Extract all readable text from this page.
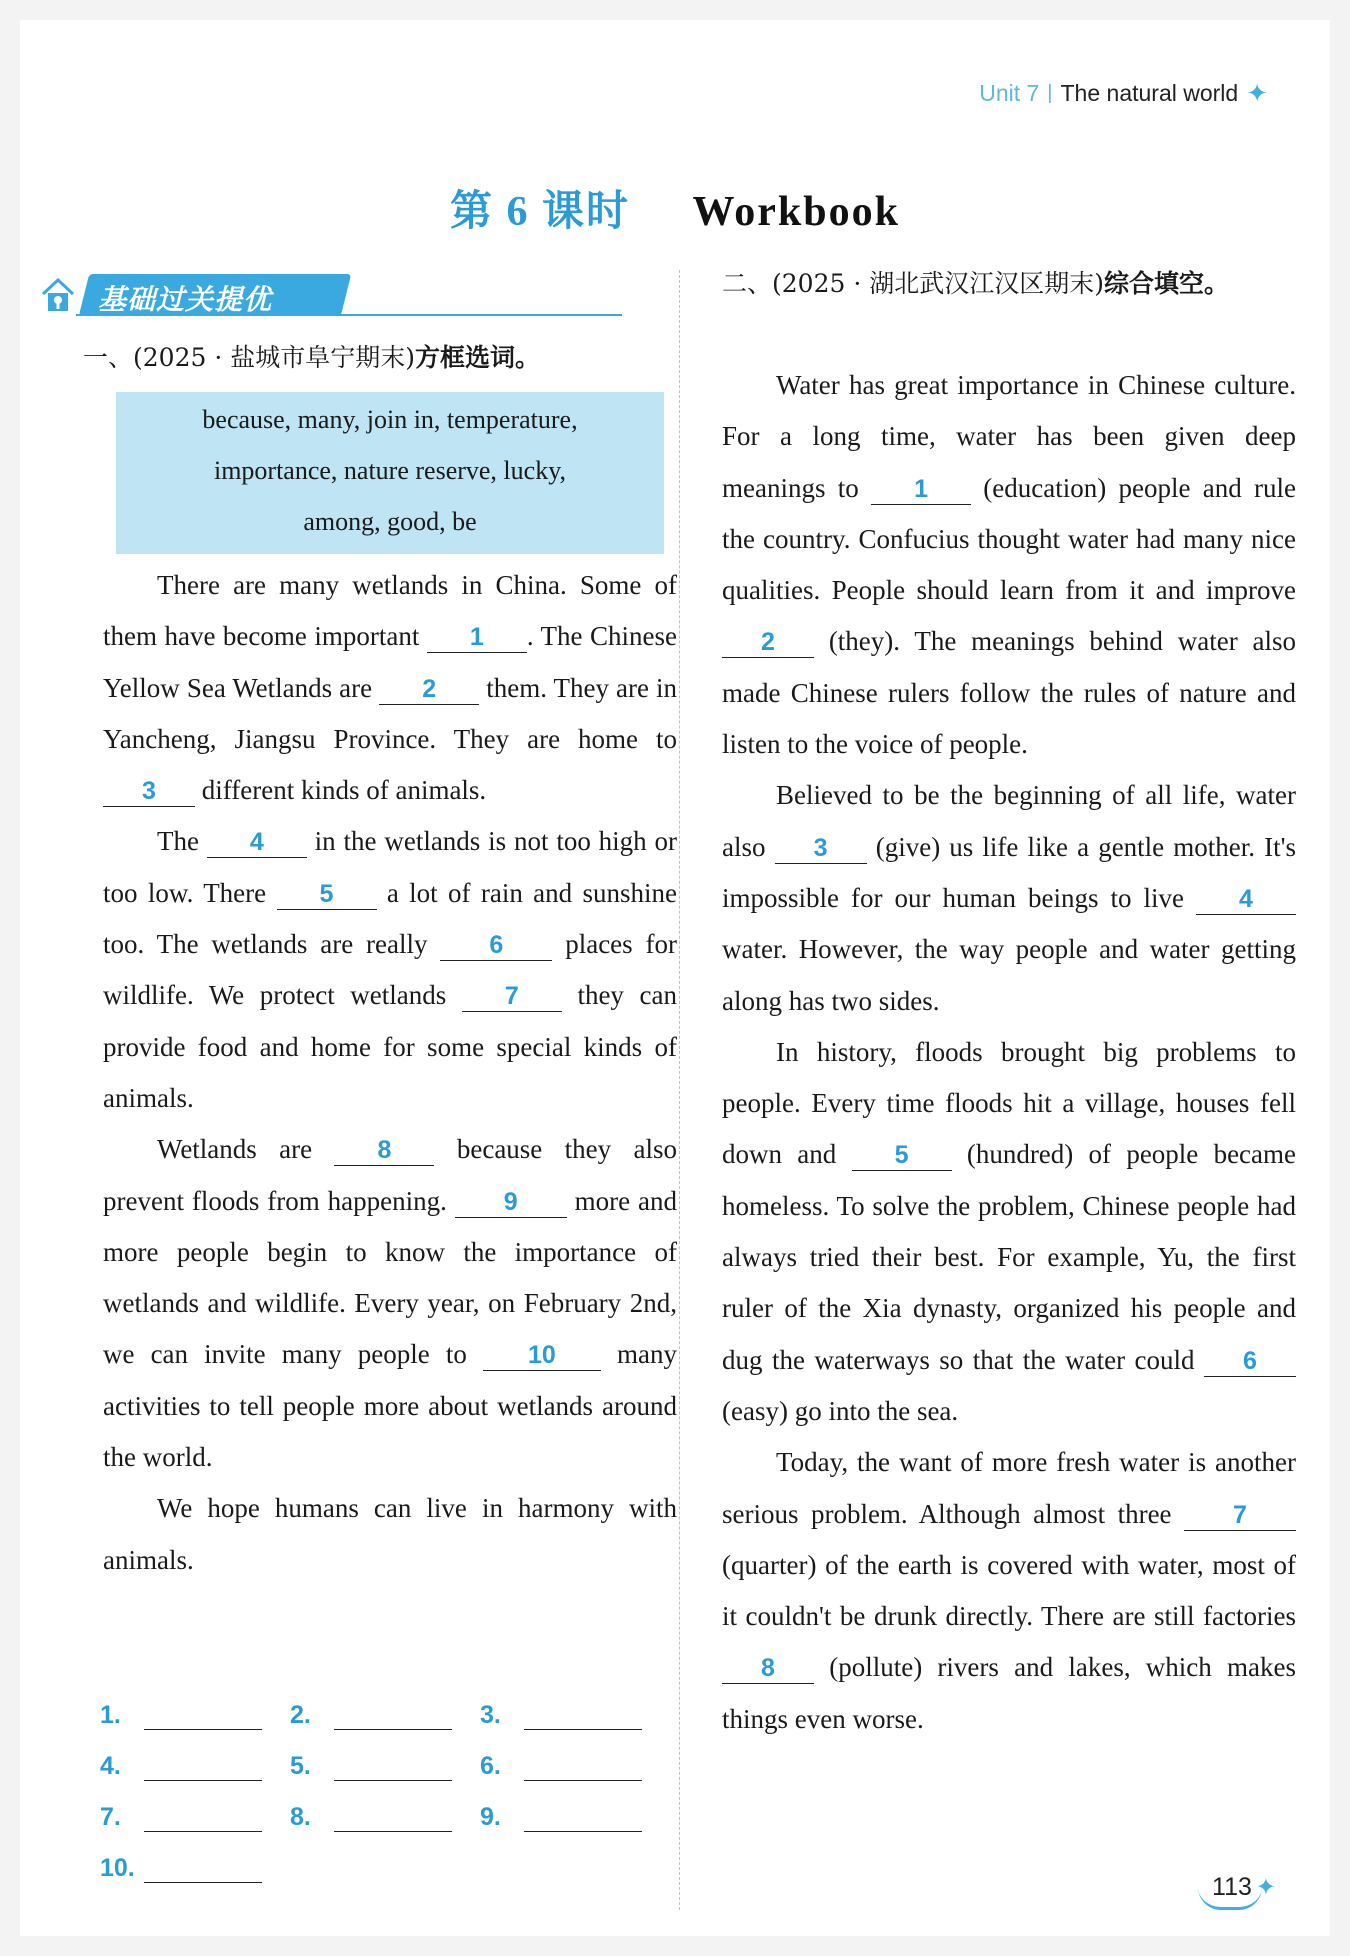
Unit 7 | The natural world ✦
第 6 课时 Workbook
基础过关提优
一、(2025 · 盐城市阜宁期末)方框选词。
because, many, join in, temperature,
importance, nature reserve, lucky,
among, good, be

There are many wetlands in China. Some of them have become important 1 . The Chinese Yellow Sea Wetlands are 2 them. They are in Yancheng, Jiangsu Province. They are home to 3 different kinds of animals.

The 4 in the wetlands is not too high or too low. There 5 a lot of rain and sunshine too. The wetlands are really 6 places for wildlife. We protect wetlands 7 they can provide food and home for some special kinds of animals.

Wetlands are 8 because they also prevent floods from happening. 9 more and more people begin to know the importance of wetlands and wildlife. Every year, on February 2nd, we can invite many people to 10 many activities to tell people more about wetlands around the world.

We hope humans can live in harmony with animals.

1.	2.	3.
4.	5.	6.
7.	8.	9.
10.
二、(2025 · 湖北武汉江汉区期末)综合填空。

Water has great importance in Chinese culture. For a long time, water has been given deep meanings to 1 (education) people and rule the country. Confucius thought water had many nice qualities. People should learn from it and improve 2 (they). The meanings behind water also made Chinese rulers follow the rules of nature and listen to the voice of people.

Believed to be the beginning of all life, water also 3 (give) us life like a gentle mother. It's impossible for our human beings to live 4 water. However, the way people and water getting along has two sides.

In history, floods brought big problems to people. Every time floods hit a village, houses fell down and 5 (hundred) of people became homeless. To solve the problem, Chinese people had always tried their best. For example, Yu, the first ruler of the Xia dynasty, organized his people and dug the waterways so that the water could 6 (easy) go into the sea.

Today, the want of more fresh water is another serious problem. Although almost three 7 (quarter) of the earth is covered with water, most of it couldn't be drunk directly. There are still factories 8 (pollute) rivers and lakes, which makes things even worse.

113 ✦
